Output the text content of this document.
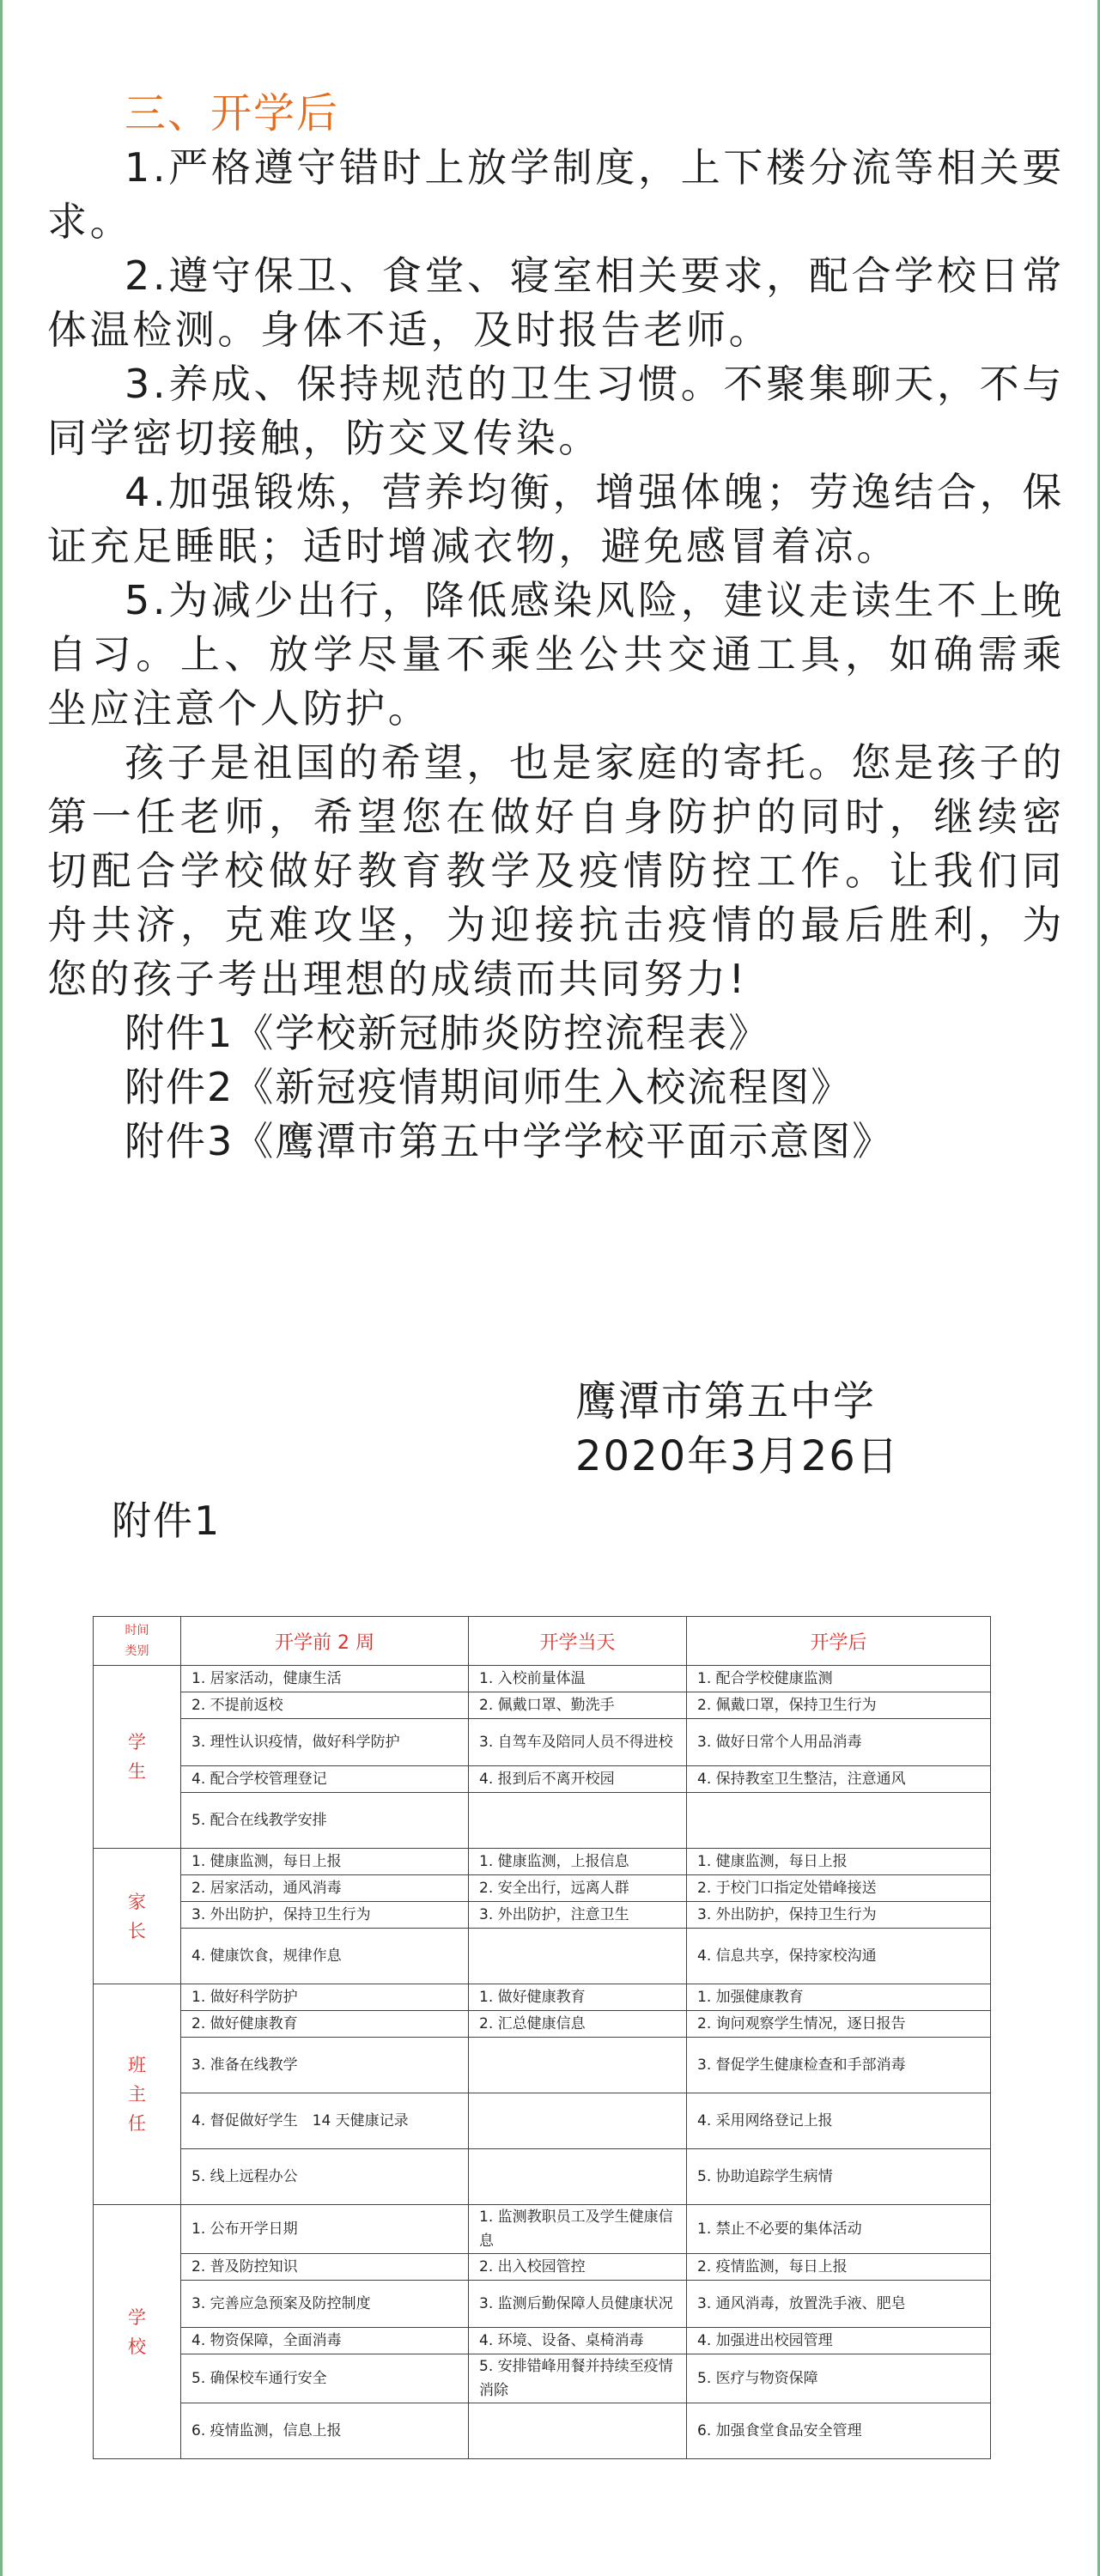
三、开学后

1.严格遵守错时上放学制度，上下楼分流等相关要求。

2.遵守保卫、食堂、寝室相关要求，配合学校日常体温检测。身体不适，及时报告老师。

3.养成、保持规范的卫生习惯。不聚集聊天，不与同学密切接触，防交叉传染。

4.加强锻炼，营养均衡，增强体魄；劳逸结合，保证充足睡眠；适时增减衣物，避免感冒着凉。

5.为减少出行，降低感染风险，建议走读生不上晚自习。上、放学尽量不乘坐公共交通工具，如确需乘坐应注意个人防护。

孩子是祖国的希望，也是家庭的寄托。您是孩子的第一任老师，希望您在做好自身防护的同时，继续密切配合学校做好教育教学及疫情防控工作。让我们同舟共济，克难攻坚，为迎接抗击疫情的最后胜利，为您的孩子考出理想的成绩而共同努力!

附件1《学校新冠肺炎防控流程表》

附件2《新冠疫情期间师生入校流程图》

附件3《鹰潭市第五中学学校平面示意图》

鹰潭市第五中学
2020年3月26日
附件1
时间
类别	开学前 2 周	开学当天	开学后
学
生	1. 居家活动，健康生活	1. 入校前量体温	1. 配合学校健康监测
	2. 不提前返校	2. 佩戴口罩、勤洗手	2. 佩戴口罩，保持卫生行为
	3. 理性认识疫情，做好科学防护	3. 自驾车及陪同人员不得进校	3. 做好日常个人用品消毒
	4. 配合学校管理登记	4. 报到后不离开校园	4. 保持教室卫生整洁，注意通风
	5. 配合在线教学安排		
家
长	1. 健康监测，每日上报	1. 健康监测，上报信息	1. 健康监测，每日上报
	2. 居家活动，通风消毒	2. 安全出行，远离人群	2. 于校门口指定处错峰接送
	3. 外出防护，保持卫生行为	3. 外出防护，注意卫生	3. 外出防护，保持卫生行为
	4. 健康饮食，规律作息		4. 信息共享，保持家校沟通
班
主
任	1. 做好科学防护	1. 做好健康教育	1. 加强健康教育
	2. 做好健康教育	2. 汇总健康信息	2. 询问观察学生情况，逐日报告
	3. 准备在线教学		3. 督促学生健康检查和手部消毒
	4. 督促做好学生　14 天健康记录		4. 采用网络登记上报
	5. 线上远程办公		5. 协助追踪学生病情
学
校	1. 公布开学日期	1. 监测教职员工及学生健康信息	1. 禁止不必要的集体活动
	2. 普及防控知识	2. 出入校园管控	2. 疫情监测，每日上报
	3. 完善应急预案及防控制度	3. 监测后勤保障人员健康状况	3. 通风消毒，放置洗手液、肥皂
	4. 物资保障，全面消毒	4. 环境、设备、桌椅消毒	4. 加强进出校园管理
	5. 确保校车通行安全	5. 安排错峰用餐并持续至疫情消除	5. 医疗与物资保障
	6. 疫情监测，信息上报		6. 加强食堂食品安全管理
